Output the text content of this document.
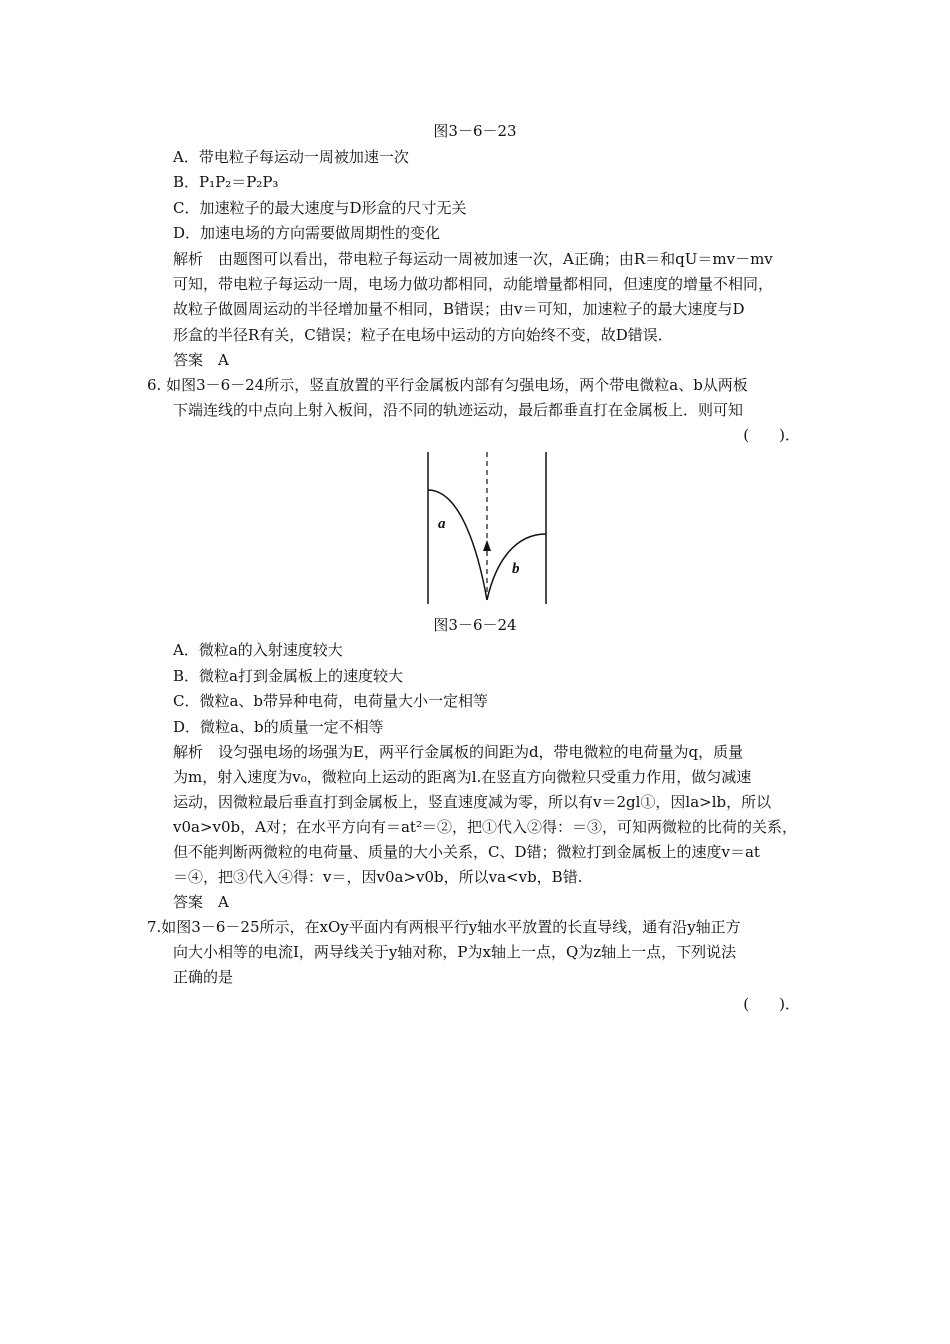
图3－6－23
A．带电粒子每运动一周被加速一次
B．P₁P₂＝P₂P₃
C．加速粒子的最大速度与D形盒的尺寸无关
D．加速电场的方向需要做周期性的变化
解析　由题图可以看出，带电粒子每运动一周被加速一次，A正确；由R＝和qU＝mv－mv
可知，带电粒子每运动一周，电场力做功都相同，动能增量都相同，但速度的增量不相同，
故粒子做圆周运动的半径增加量不相同，B错误；由v＝可知，加速粒子的最大速度与D
形盒的半径R有关，C错误；粒子在电场中运动的方向始终不变，故D错误．
答案　A
6. 如图3－6－24所示，竖直放置的平行金属板内部有匀强电场，两个带电微粒a、b从两板
下端连线的中点向上射入板间，沿不同的轨迹运动，最后都垂直打在金属板上．则可知
(　　)．
a
b
图3－6－24
A．微粒a的入射速度较大
B．微粒a打到金属板上的速度较大
C．微粒a、b带异种电荷，电荷量大小一定相等
D．微粒a、b的质量一定不相等
解析　设匀强电场的场强为E，两平行金属板的间距为d，带电微粒的电荷量为q，质量
为m，射入速度为v₀，微粒向上运动的距离为l.在竖直方向微粒只受重力作用，做匀减速
运动，因微粒最后垂直打到金属板上，竖直速度减为零，所以有v＝2gl①，因la>lb，所以
v0a>v0b，A对；在水平方向有＝at²＝②，把①代入②得：＝③，可知两微粒的比荷的关系，
但不能判断两微粒的电荷量、质量的大小关系，C、D错；微粒打到金属板上的速度v＝at
＝④，把③代入④得：v＝，因v0a>v0b，所以va<vb，B错.
答案　A
7.如图3－6－25所示，在xOy平面内有两根平行y轴水平放置的长直导线，通有沿y轴正方
向大小相等的电流I，两导线关于y轴对称，P为x轴上一点，Q为z轴上一点，下列说法
正确的是
(　　)．
